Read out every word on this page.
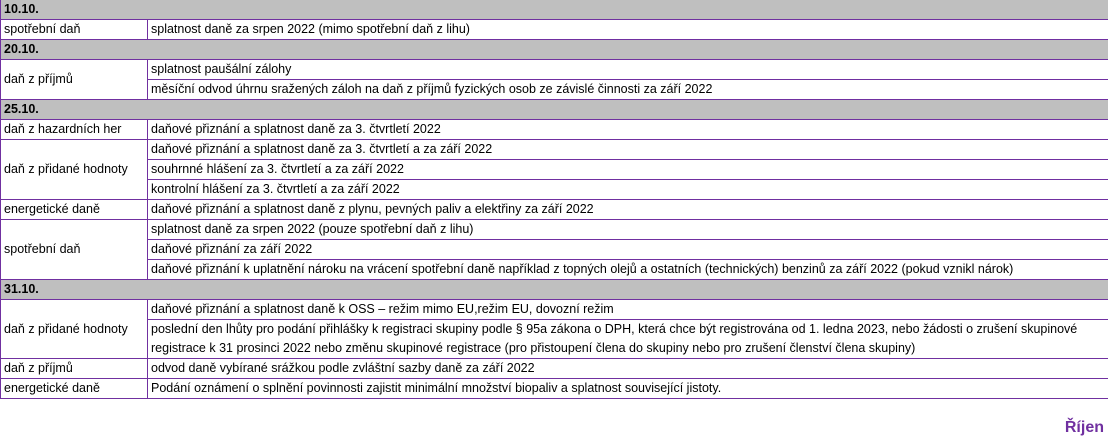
10.10.	
spotřební daň	splatnost daně za srpen 2022 (mimo spotřební daň z lihu)
20.10.	
daň z příjmů	splatnost paušální zálohy
	měsíční odvod úhrnu sražených záloh na daň z příjmů fyzických osob ze závislé činnosti za září 2022
25.10.	
daň z hazardních her	daňové přiznání a splatnost daně za 3. čtvrtletí 2022
daň z přidané hodnoty	daňové přiznání a splatnost daně za 3. čtvrtletí a za září 2022
	souhrnné hlášení za 3. čtvrtletí a za září 2022
	kontrolní hlášení za 3. čtvrtletí a za září 2022
energetické daně	daňové přiznání a splatnost daně z plynu, pevných paliv a elektřiny za září 2022
spotřební daň	splatnost daně za srpen 2022 (pouze spotřební daň z lihu)
	daňové přiznání za září 2022
	daňové přiznání k uplatnění nároku na vrácení spotřební daně například z topných olejů a ostatních (technických) benzinů za září 2022 (pokud vznikl nárok)
31.10.	
daň z přidané hodnoty	daňové přiznání a splatnost daně k OSS – režim mimo EU,režim EU, dovozní režim
	poslední den lhůty pro podání přihlášky k registraci skupiny podle § 95a zákona o DPH, která chce být registrována od 1. ledna 2023, nebo žádosti o zrušení skupinové registrace k 31 prosinci 2022 nebo změnu skupinové registrace (pro přistoupení člena do skupiny nebo pro zrušení členství člena skupiny)
daň z příjmů	odvod daně vybírané srážkou podle zvláštní sazby daně za září 2022
energetické daně	Podání oznámení o splnění povinnosti zajistit minimální množství biopaliv a splatnost související jistoty.
Říjen
